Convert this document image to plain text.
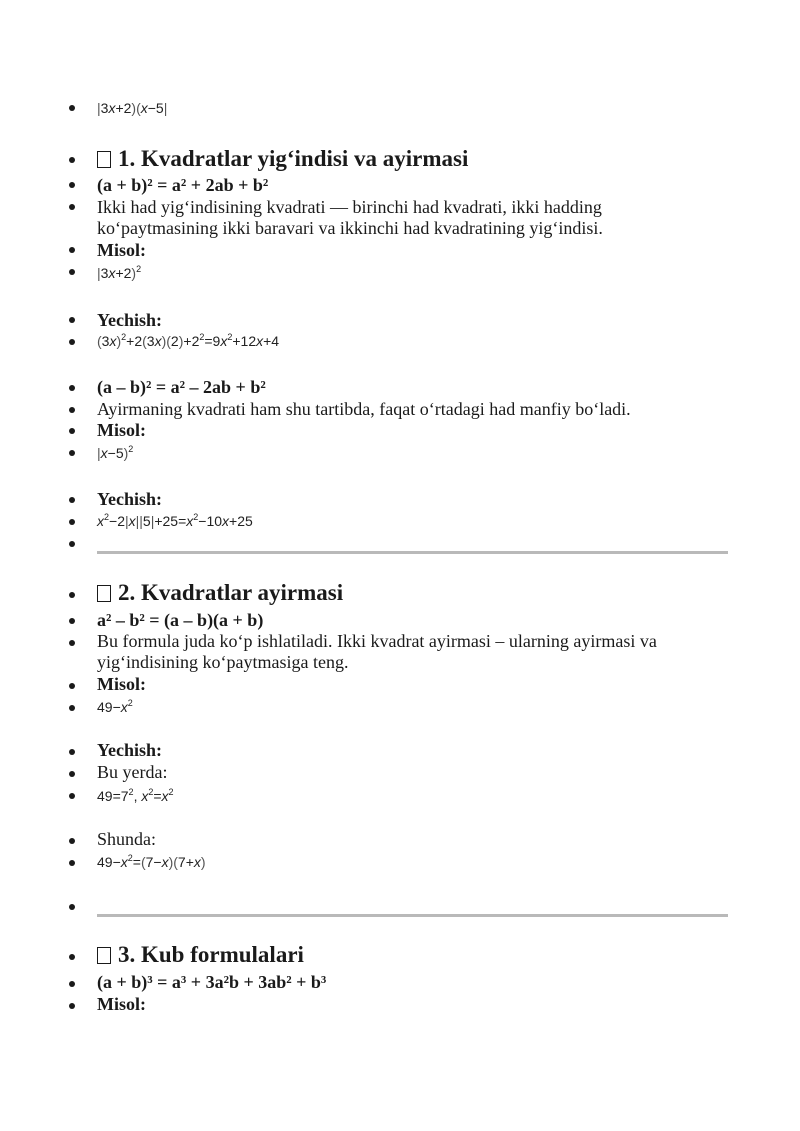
|3x+2)(x−5|
1. Kvadratlar yig‘indisi va ayirmasi
(a + b)² = a² + 2ab + b²
Ikki had yig‘indisining kvadrati — birinchi had kvadrati, ikki hadding
ko‘paytmasining ikki baravari va ikkinchi had kvadratining yig‘indisi.
Misol:
|3x+2)$^2$
Yechish:
$(3x)^2+2(3x)(2)+2^2=9x^2+12x+4$
(a – b)² = a² – 2ab + b²
Ayirmaning kvadrati ham shu tartibda, faqat o‘rtadagi had manfiy bo‘ladi.
Misol:
|x−5)$^2$
Yechish:
$x^2-2|x||5|+25=x^2-10x+25$
2. Kvadratlar ayirmasi
a² – b² = (a – b)(a + b)
Bu formula juda ko‘p ishlatiladi. Ikki kvadrat ayirmasi – ularning ayirmasi va
yig‘indisining ko‘paytmasiga teng.
Misol:
$49-x^2$
Yechish:
Bu yerda:
$49=7^2$, $x^2=x^2$
Shunda:
$49-x^2=(7-x)(7+x)$
3. Kub formulalari
(a + b)³ = a³ + 3a²b + 3ab² + b³
Misol:
